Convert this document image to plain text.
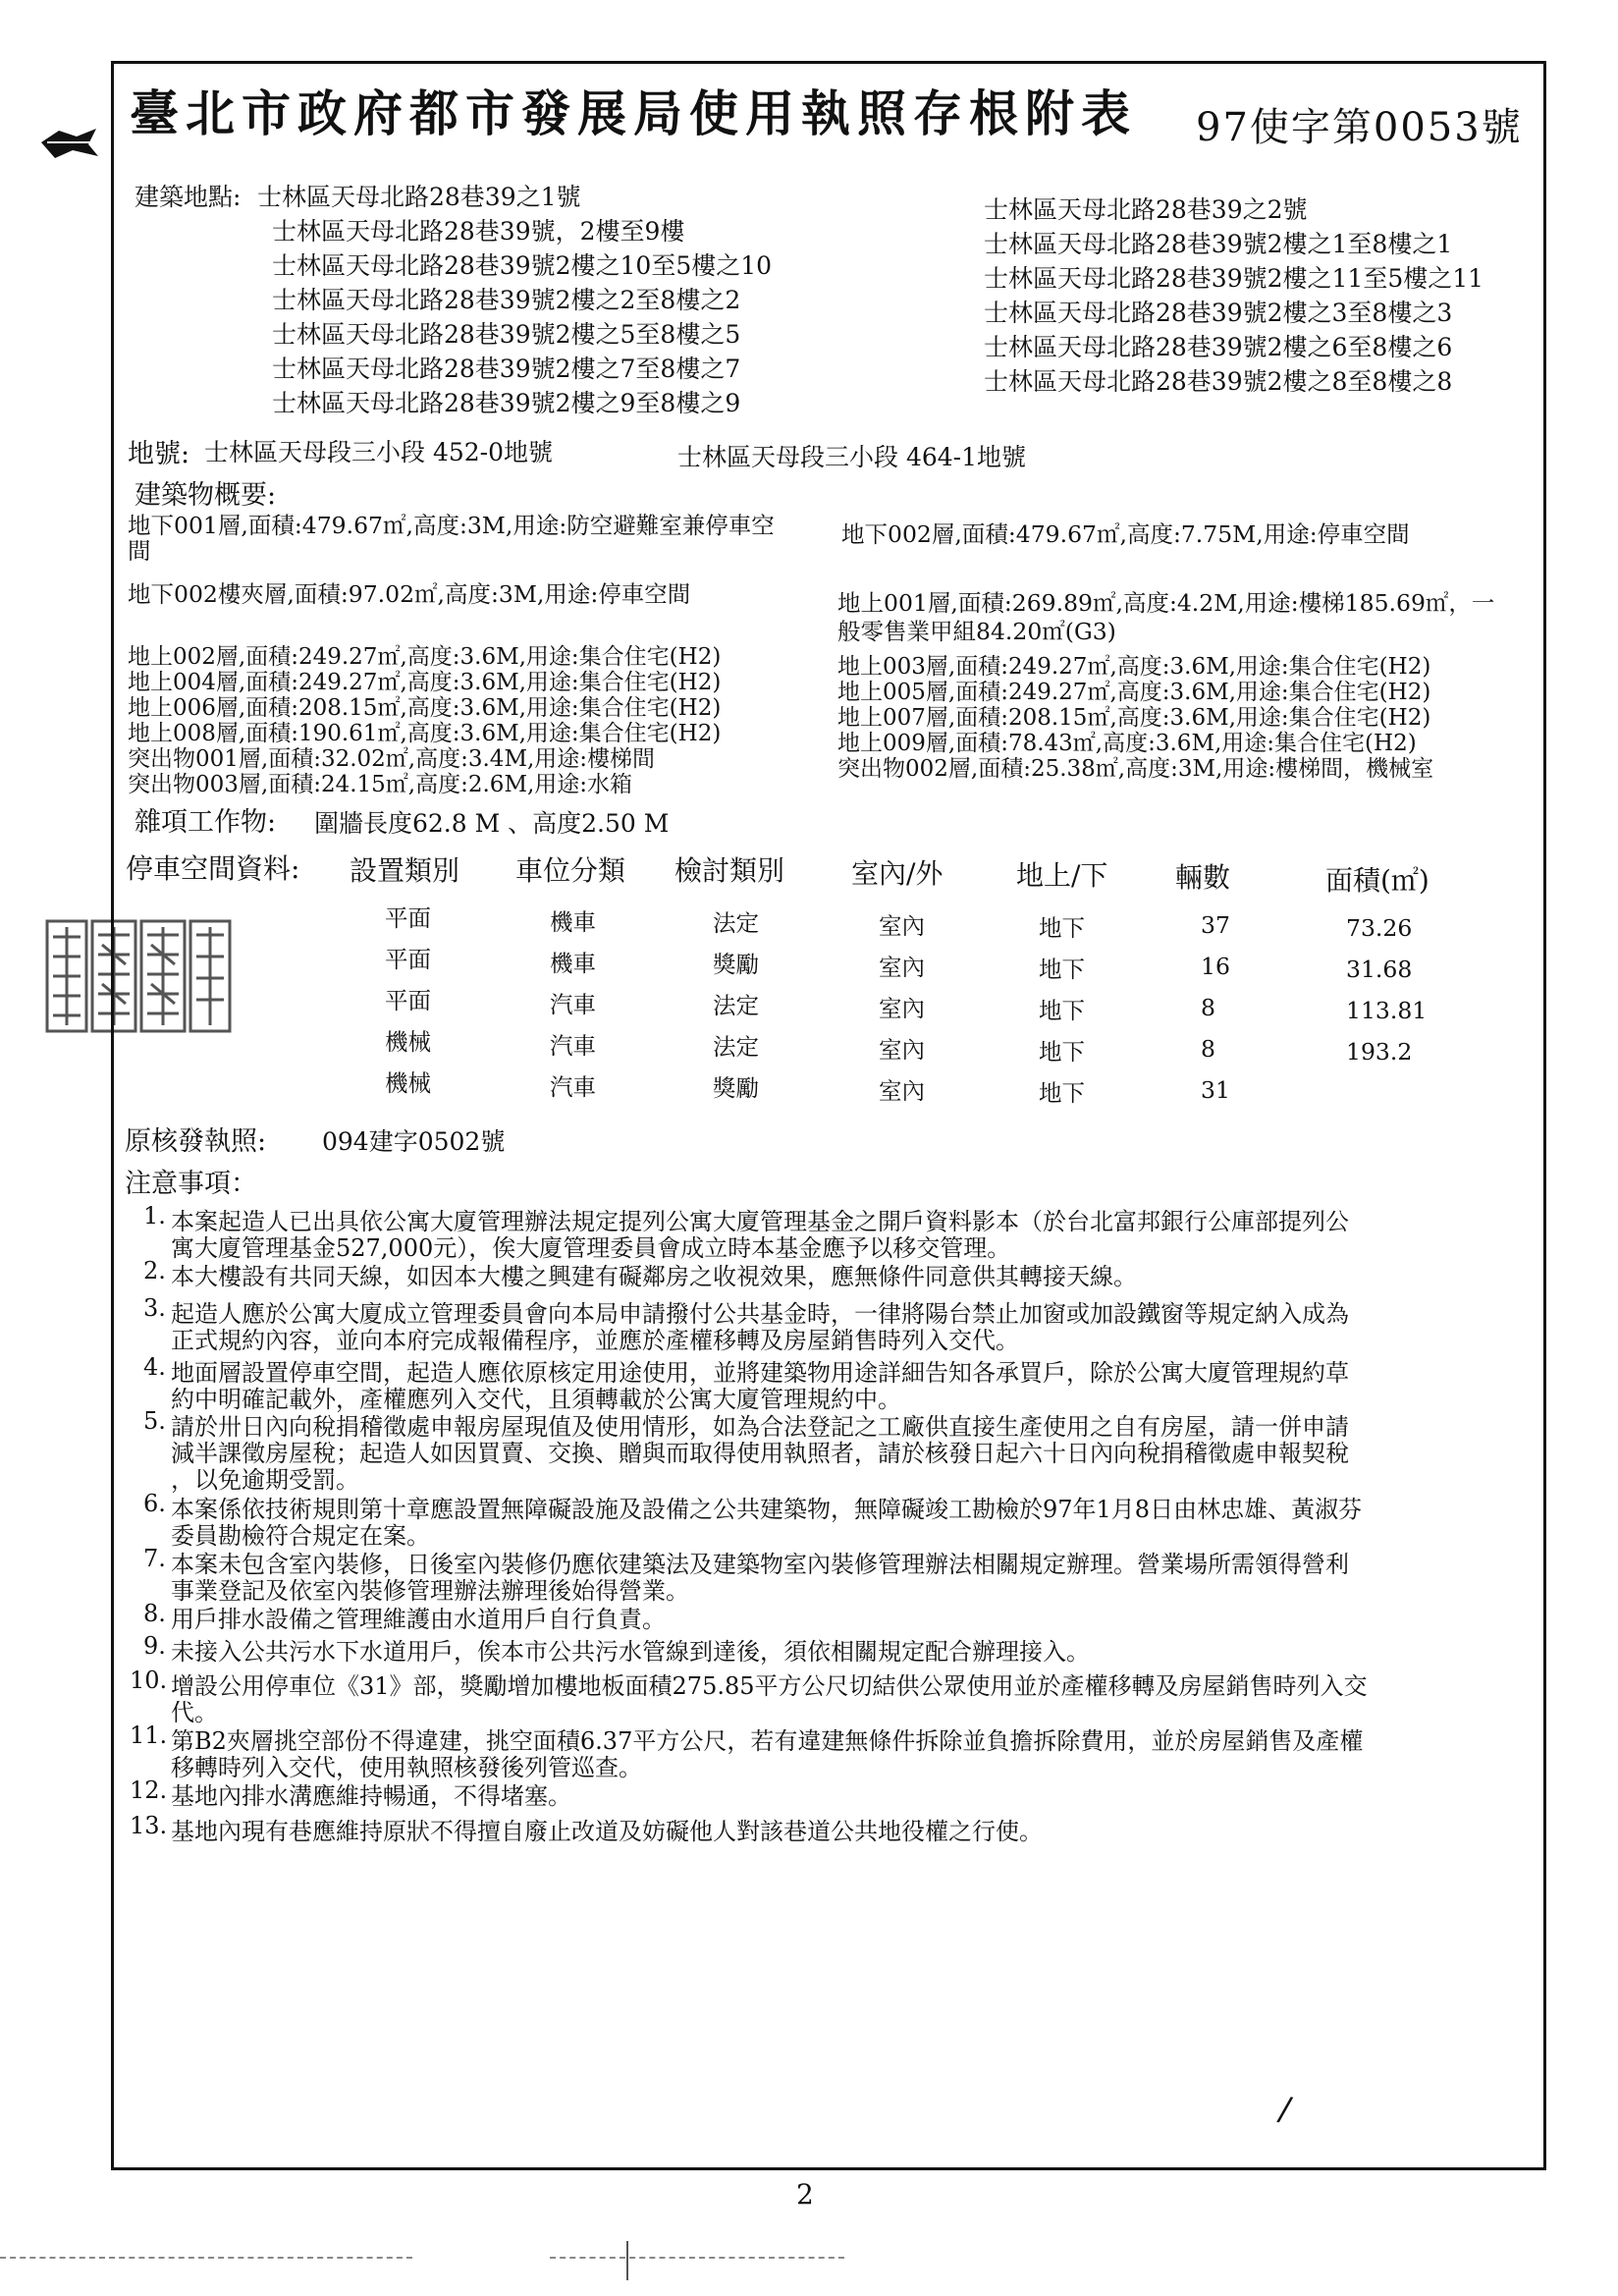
臺北市政府都市發展局使用執照存根附表 97使字第0053號
建築地點: 士林區天母北路28巷39之1號
士林區天母北路28巷39號，2樓至9樓
士林區天母北路28巷39號2樓之10至5樓之10
士林區天母北路28巷39號2樓之2至8樓之2
士林區天母北路28巷39號2樓之5至8樓之5
士林區天母北路28巷39號2樓之7至8樓之7
士林區天母北路28巷39號2樓之9至8樓之9
士林區天母北路28巷39之2號
士林區天母北路28巷39號2樓之1至8樓之1
士林區天母北路28巷39號2樓之11至5樓之11
士林區天母北路28巷39號2樓之3至8樓之3
士林區天母北路28巷39號2樓之6至8樓之6
士林區天母北路28巷39號2樓之8至8樓之8
地號: 士林區天母段三小段 452-0地號	士林區天母段三小段 464-1地號
建築物概要:
地下001層,面積:479.67㎡,高度:3M,用途:防空避難室兼停車空
間
地下002層,面積:479.67㎡,高度:7.75M,用途:停車空間
地下002樓夾層,面積:97.02㎡,高度:3M,用途:停車空間	地上001層,面積:269.89㎡,高度:4.2M,用途:樓梯185.69㎡，一
般零售業甲組84.20㎡(G3)
地上002層,面積:249.27㎡,高度:3.6M,用途:集合住宅(H2)
地上004層,面積:249.27㎡,高度:3.6M,用途:集合住宅(H2)
地上006層,面積:208.15㎡,高度:3.6M,用途:集合住宅(H2)
地上008層,面積:190.61㎡,高度:3.6M,用途:集合住宅(H2)
突出物001層,面積:32.02㎡,高度:3.4M,用途:樓梯間
突出物003層,面積:24.15㎡,高度:2.6M,用途:水箱
地上003層,面積:249.27㎡,高度:3.6M,用途:集合住宅(H2)
地上005層,面積:249.27㎡,高度:3.6M,用途:集合住宅(H2)
地上007層,面積:208.15㎡,高度:3.6M,用途:集合住宅(H2)
地上009層,面積:78.43㎡,高度:3.6M,用途:集合住宅(H2)
突出物002層,面積:25.38㎡,高度:3M,用途:樓梯間，機械室
雜項工作物: 圍牆長度62.8 M 、高度2.50 M
停車空間資料: 設置類別 車位分類 檢討類別 室內/外	地上/下 輛數	面積(㎡)
平面	機車	法定	室內	地下	37	73.26
平面	機車	獎勵	室內	地下	16	31.68
平面	汽車	法定	室內	地下	8	113.81
機械	汽車	法定	室內	地下	8	193.2
機械	汽車	獎勵	室內	地下	31
原核發執照: 094建字0502號
注意事項：
1. 本案起造人已出具依公寓大廈管理辦法規定提列公寓大廈管理基金之開戶資料影本（於台北富邦銀行公庫部提列公
寓大廈管理基金527,000元），俟大廈管理委員會成立時本基金應予以移交管理。
2. 本大樓設有共同天線，如因本大樓之興建有礙鄰房之收視效果，應無條件同意供其轉接天線。
3. 起造人應於公寓大廈成立管理委員會向本局申請撥付公共基金時，一律將陽台禁止加窗或加設鐵窗等規定納入成為
正式規約內容，並向本府完成報備程序，並應於產權移轉及房屋銷售時列入交代。
4. 地面層設置停車空間，起造人應依原核定用途使用，並將建築物用途詳細告知各承買戶，除於公寓大廈管理規約草
約中明確記載外，產權應列入交代，且須轉載於公寓大廈管理規約中。
5. 請於卅日內向稅捐稽徵處申報房屋現值及使用情形，如為合法登記之工廠供直接生產使用之自有房屋，請一併申請
減半課徵房屋稅；起造人如因買賣、交換、贈與而取得使用執照者，請於核發日起六十日內向稅捐稽徵處申報契稅
，以免逾期受罰。
6. 本案係依技術規則第十章應設置無障礙設施及設備之公共建築物，無障礙竣工勘檢於97年1月8日由林忠雄、黃淑芬
委員勘檢符合規定在案。
7. 本案未包含室內裝修，日後室內裝修仍應依建築法及建築物室內裝修管理辦法相關規定辦理。營業場所需領得營利
事業登記及依室內裝修管理辦法辦理後始得營業。
8. 用戶排水設備之管理維護由水道用戶自行負責。
9. 未接入公共污水下水道用戶，俟本市公共污水管線到達後，須依相關規定配合辦理接入。
10. 增設公用停車位《31》部，獎勵增加樓地板面積275.85平方公尺切結供公眾使用並於產權移轉及房屋銷售時列入交
代。
11. 第B2夾層挑空部份不得違建，挑空面積6.37平方公尺，若有違建無條件拆除並負擔拆除費用，並於房屋銷售及產權
移轉時列入交代，使用執照核發後列管巡查。
12. 基地內排水溝應維持暢通，不得堵塞。
13. 基地內現有巷應維持原狀不得擅自廢止改道及妨礙他人對該巷道公共地役權之行使。
2
/
